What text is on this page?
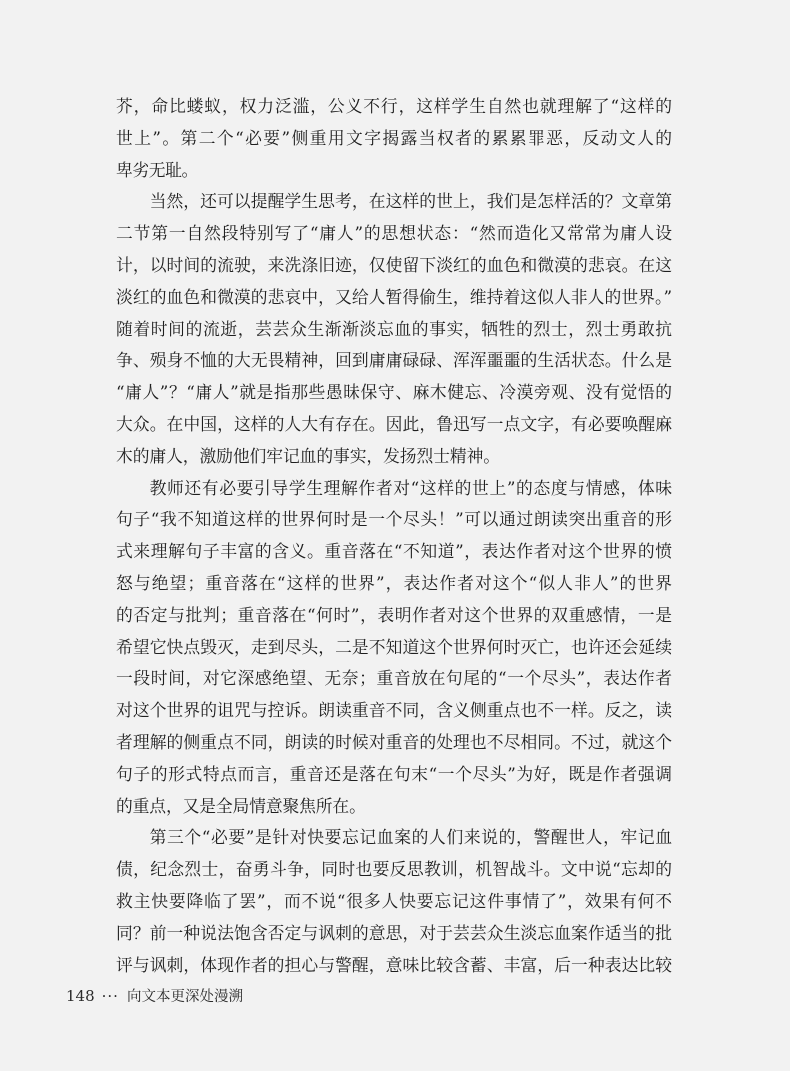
芥，命比蝼蚁，权力泛滥，公义不行，这样学生自然也就理解了“这样的
世上”。第二个“必要”侧重用文字揭露当权者的累累罪恶，反动文人的
卑劣无耻。
当然，还可以提醒学生思考，在这样的世上，我们是怎样活的？文章第
二节第一自然段特别写了“庸人”的思想状态：“然而造化又常常为庸人设
计，以时间的流驶，来洗涤旧迹，仅使留下淡红的血色和微漠的悲哀。在这
淡红的血色和微漠的悲哀中，又给人暂得偷生，维持着这似人非人的世界。”
随着时间的流逝，芸芸众生渐渐淡忘血的事实，牺牲的烈士，烈士勇敢抗
争、殒身不恤的大无畏精神，回到庸庸碌碌、浑浑噩噩的生活状态。什么是
“庸人”？“庸人”就是指那些愚昧保守、麻木健忘、冷漠旁观、没有觉悟的
大众。在中国，这样的人大有存在。因此，鲁迅写一点文字，有必要唤醒麻
木的庸人，激励他们牢记血的事实，发扬烈士精神。
教师还有必要引导学生理解作者对“这样的世上”的态度与情感，体味
句子“我不知道这样的世界何时是一个尽头！”可以通过朗读突出重音的形
式来理解句子丰富的含义。重音落在“不知道”，表达作者对这个世界的愤
怒与绝望；重音落在“这样的世界”，表达作者对这个“似人非人”的世界
的否定与批判；重音落在“何时”，表明作者对这个世界的双重感情，一是
希望它快点毁灭，走到尽头，二是不知道这个世界何时灭亡，也许还会延续
一段时间，对它深感绝望、无奈；重音放在句尾的“一个尽头”，表达作者
对这个世界的诅咒与控诉。朗读重音不同，含义侧重点也不一样。反之，读
者理解的侧重点不同，朗读的时候对重音的处理也不尽相同。不过，就这个
句子的形式特点而言，重音还是落在句末“一个尽头”为好，既是作者强调
的重点，又是全局情意聚焦所在。
第三个“必要”是针对快要忘记血案的人们来说的，警醒世人，牢记血
债，纪念烈士，奋勇斗争，同时也要反思教训，机智战斗。文中说“忘却的
救主快要降临了罢”，而不说“很多人快要忘记这件事情了”，效果有何不
同？前一种说法饱含否定与讽刺的意思，对于芸芸众生淡忘血案作适当的批
评与讽刺，体现作者的担心与警醒，意味比较含蓄、丰富，后一种表达比较
148 ··· 向文本更深处漫溯
